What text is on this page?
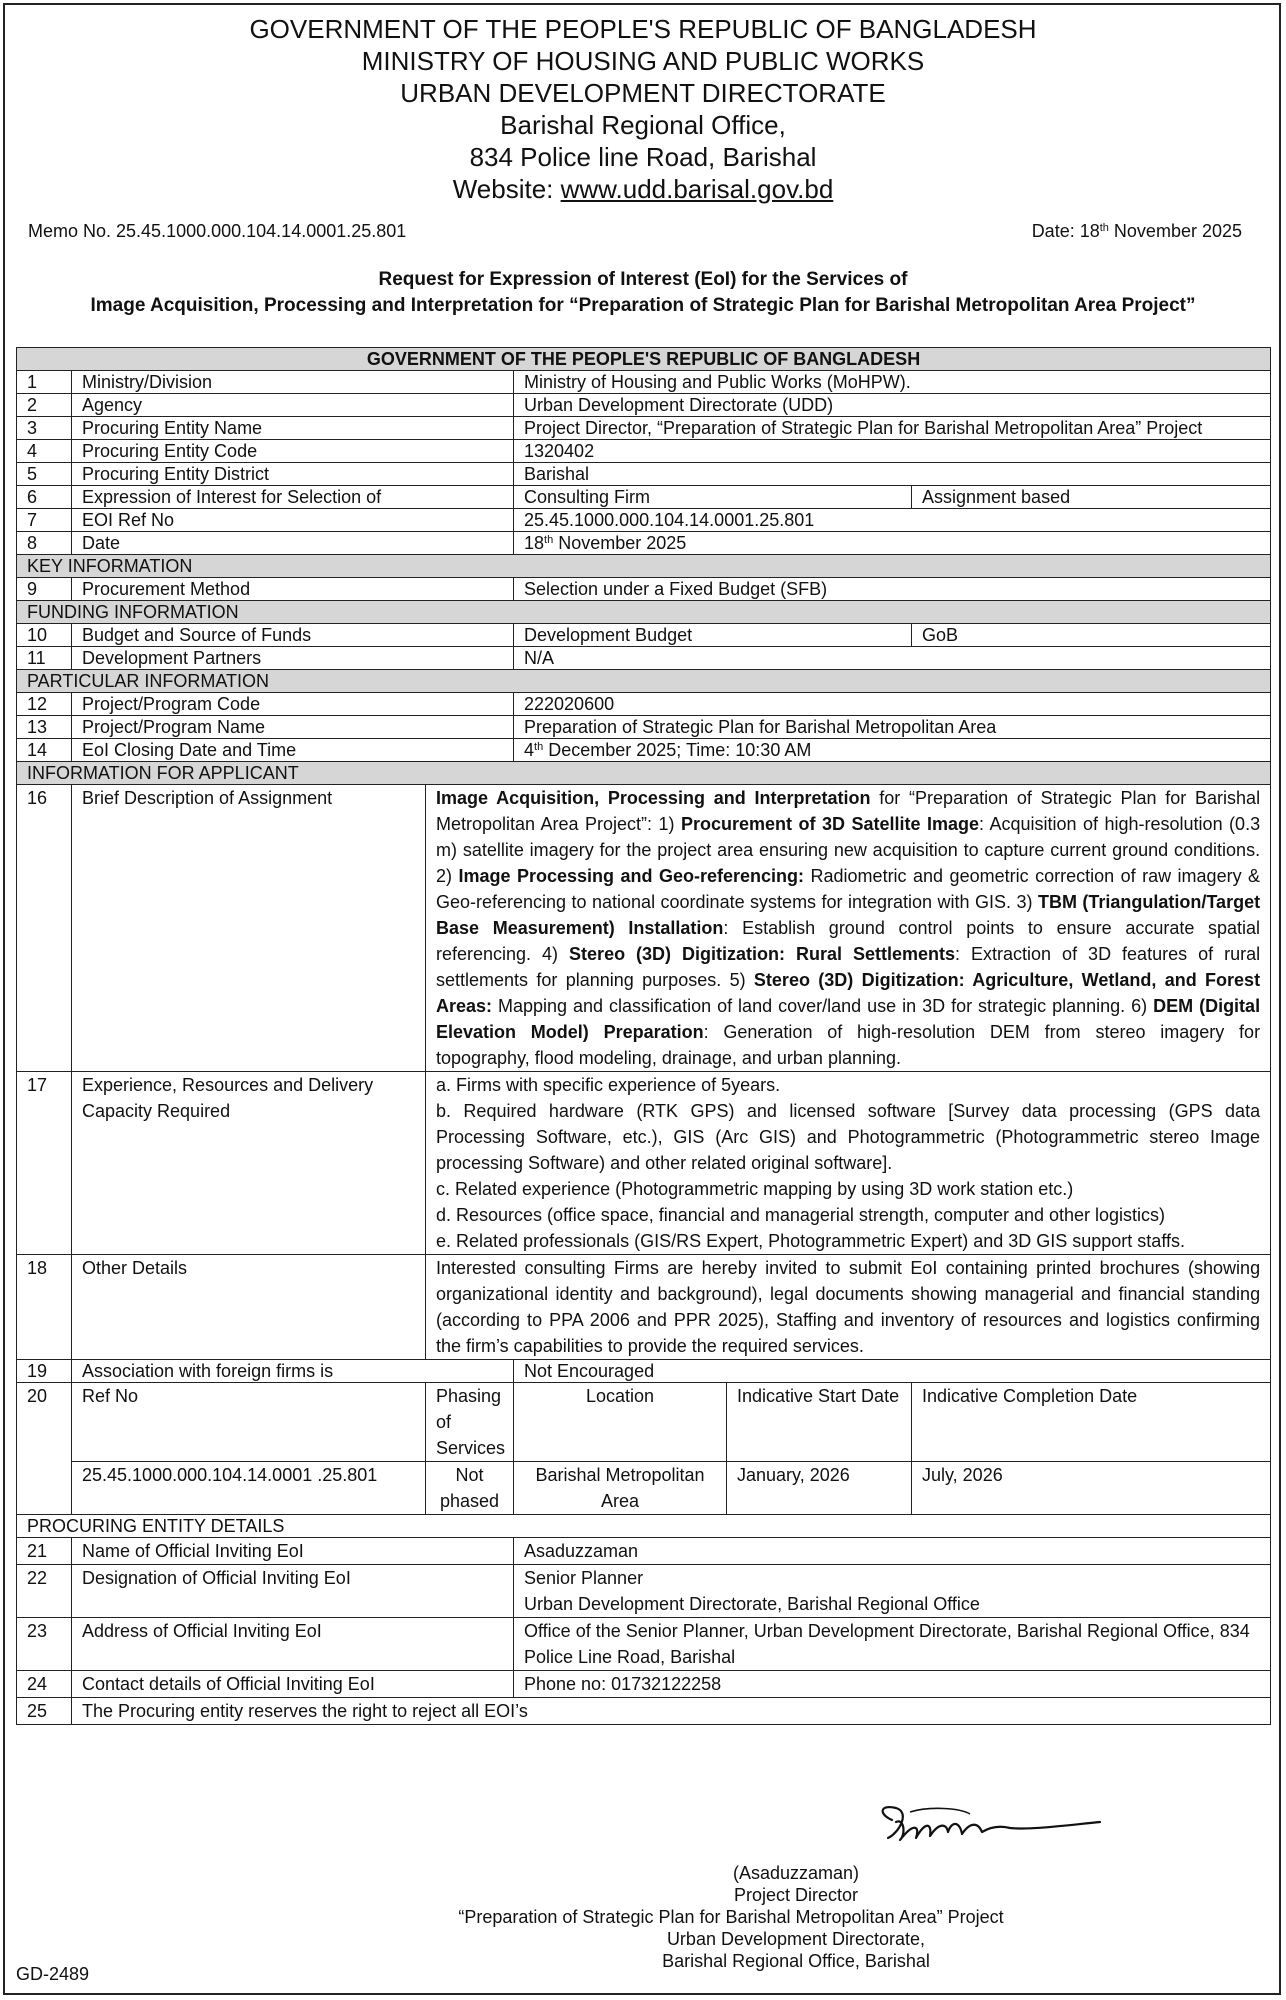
GOVERNMENT OF THE PEOPLE'S REPUBLIC OF BANGLADESH
MINISTRY OF HOUSING AND PUBLIC WORKS
URBAN DEVELOPMENT DIRECTORATE
Barishal Regional Office,
834 Police line Road, Barishal
Website: www.udd.barisal.gov.bd
Memo No. 25.45.1000.000.104.14.0001.25.801	Date: 18th November 2025
Request for Expression of Interest (EoI) for the Services of
Image Acquisition, Processing and Interpretation for “Preparation of Strategic Plan for Barishal Metropolitan Area Project”
GOVERNMENT OF THE PEOPLE'S REPUBLIC OF BANGLADESH					
1	Ministry/Division		Ministry of Housing and Public Works (MoHPW).		
2	Agency		Urban Development Directorate (UDD)		
3	Procuring Entity Name		Project Director, “Preparation of Strategic Plan for Barishal Metropolitan Area” Project		
4	Procuring Entity Code		1320402		
5	Procuring Entity District		Barishal		
6	Expression of Interest for Selection of		Consulting Firm		Assignment based
7	EOI Ref No		25.45.1000.000.104.14.0001.25.801		
8	Date		18th November 2025		
KEY INFORMATION					
9	Procurement Method		Selection under a Fixed Budget (SFB)		
FUNDING INFORMATION					
10	Budget and Source of Funds		Development Budget		GoB
11	Development Partners		N/A		
PARTICULAR INFORMATION					
12	Project/Program Code		222020600		
13	Project/Program Name		Preparation of Strategic Plan for Barishal Metropolitan Area		
14	EoI Closing Date and Time		4th December 2025; Time: 10:30 AM		
INFORMATION FOR APPLICANT					
16	Brief Description of Assignment	Image Acquisition, Processing and Interpretation for “Preparation of Strategic Plan for Barishal Metropolitan Area Project”: 1) Procurement of 3D Satellite Image: Acquisition of high-resolution (0.3 m) satellite imagery for the project area ensuring new acquisition to capture current ground conditions. 2) Image Processing and Geo-referencing: Radiometric and geometric correction of raw imagery & Geo-referencing to national coordinate systems for integration with GIS. 3) TBM (Triangulation/Target Base Measurement) Installation: Establish ground control points to ensure accurate spatial referencing. 4) Stereo (3D) Digitization: Rural Settlements: Extraction of 3D features of rural settlements for planning purposes. 5) Stereo (3D) Digitization: Agriculture, Wetland, and Forest Areas: Mapping and classification of land cover/land use in 3D for strategic planning. 6) DEM (Digital Elevation Model) Preparation: Generation of high-resolution DEM from stereo imagery for topography, flood modeling, drainage, and urban planning.			
17	Experience, Resources and Delivery Capacity Required	a. Firms with specific experience of 5years.
b. Required hardware (RTK GPS) and licensed software [Survey data processing (GPS data Processing Software, etc.), GIS (Arc GIS) and Photogrammetric (Photogrammetric stereo Image processing Software) and other related original software].
c. Related experience (Photogrammetric mapping by using 3D work station etc.)
d. Resources (office space, financial and managerial strength, computer and other logistics)
e. Related professionals (GIS/RS Expert, Photogrammetric Expert) and 3D GIS support staffs.			

18	Other Details	Interested consulting Firms are hereby invited to submit EoI containing printed brochures (showing organizational identity and background), legal documents showing managerial and financial standing (according to PPA 2006 and PPR 2025), Staffing and inventory of resources and logistics confirming the firm’s capabilities to provide the required services.			
19	Association with foreign firms is		Not Encouraged		
20	Ref No	Phasing of Services	Location	Indicative Start Date	Indicative Completion Date
	25.45.1000.000.104.14.0001 .25.801	Not phased	Barishal Metropolitan Area	January, 2026	July, 2026
PROCURING ENTITY DETAILS					
21	Name of Official Inviting EoI		Asaduzzaman		
22	Designation of Official Inviting EoI		Senior Planner
Urban Development Directorate, Barishal Regional Office		

23	Address of Official Inviting EoI		Office of the Senior Planner, Urban Development Directorate, Barishal Regional Office, 834 Police Line Road, Barishal		
24	Contact details of Official Inviting EoI		Phone no: 01732122258		
25	The Procuring entity reserves the right to reject all EOI’s				
(Asaduzzaman)
Project Director
“Preparation of Strategic Plan for Barishal Metropolitan Area” Project
Urban Development Directorate,
Barishal Regional Office, Barishal
GD-2489
